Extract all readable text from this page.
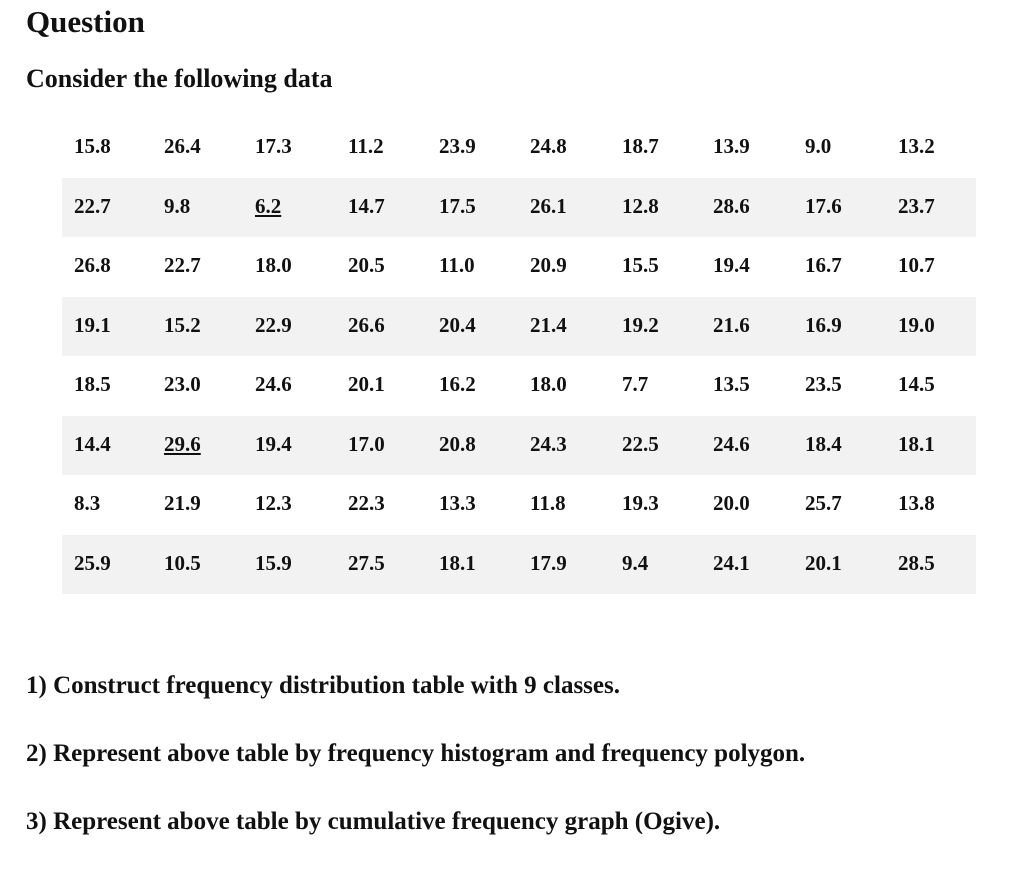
Question
Consider the following data
15.8	26.4	17.3	11.2	23.9	24.8	18.7	13.9	9.0	13.2
22.7	9.8	6.2	14.7	17.5	26.1	12.8	28.6	17.6	23.7
26.8	22.7	18.0	20.5	11.0	20.9	15.5	19.4	16.7	10.7
19.1	15.2	22.9	26.6	20.4	21.4	19.2	21.6	16.9	19.0
18.5	23.0	24.6	20.1	16.2	18.0	7.7	13.5	23.5	14.5
14.4	29.6	19.4	17.0	20.8	24.3	22.5	24.6	18.4	18.1
8.3	21.9	12.3	22.3	13.3	11.8	19.3	20.0	25.7	13.8
25.9	10.5	15.9	27.5	18.1	17.9	9.4	24.1	20.1	28.5
1) Construct frequency distribution table with 9 classes.
2) Represent above table by frequency histogram and frequency polygon.
3) Represent above table by cumulative frequency graph (Ogive).
